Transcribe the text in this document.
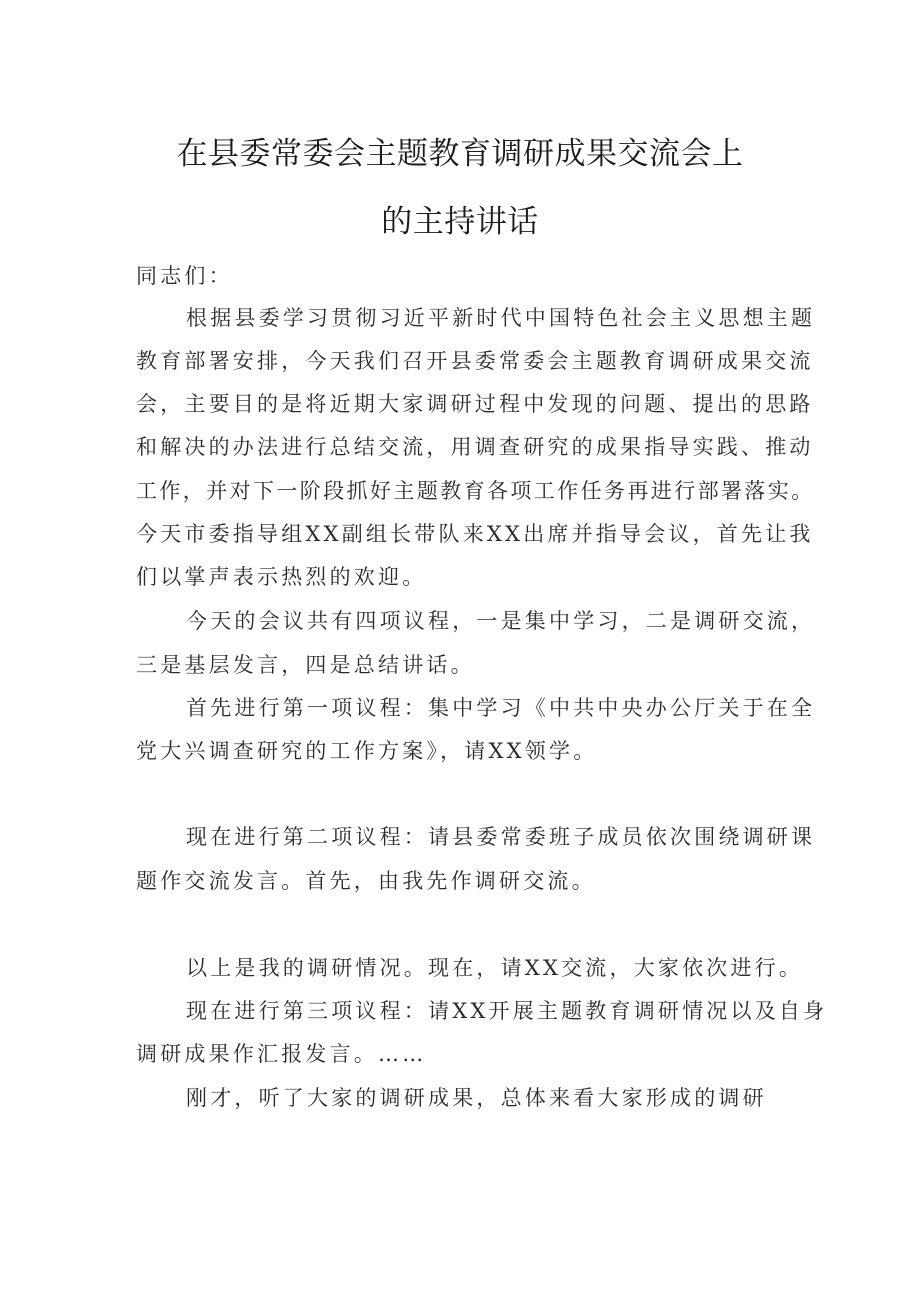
在县委常委会主题教育调研成果交流会上
的主持讲话
同志们：
根据县委学习贯彻习近平新时代中国特色社会主义思想主题
教育部署安排，今天我们召开县委常委会主题教育调研成果交流
会，主要目的是将近期大家调研过程中发现的问题、提出的思路
和解决的办法进行总结交流，用调查研究的成果指导实践、推动
工作，并对下一阶段抓好主题教育各项工作任务再进行部署落实。
今天市委指导组XX副组长带队来XX出席并指导会议，首先让我
们以掌声表示热烈的欢迎。
今天的会议共有四项议程，一是集中学习，二是调研交流，
三是基层发言，四是总结讲话。
首先进行第一项议程：集中学习《中共中央办公厅关于在全
党大兴调查研究的工作方案》，请XX领学。
现在进行第二项议程：请县委常委班子成员依次围绕调研课
题作交流发言。首先，由我先作调研交流。
以上是我的调研情况。现在，请XX交流，大家依次进行。
现在进行第三项议程：请XX开展主题教育调研情况以及自身
调研成果作汇报发言。……
刚才，听了大家的调研成果，总体来看大家形成的调研
